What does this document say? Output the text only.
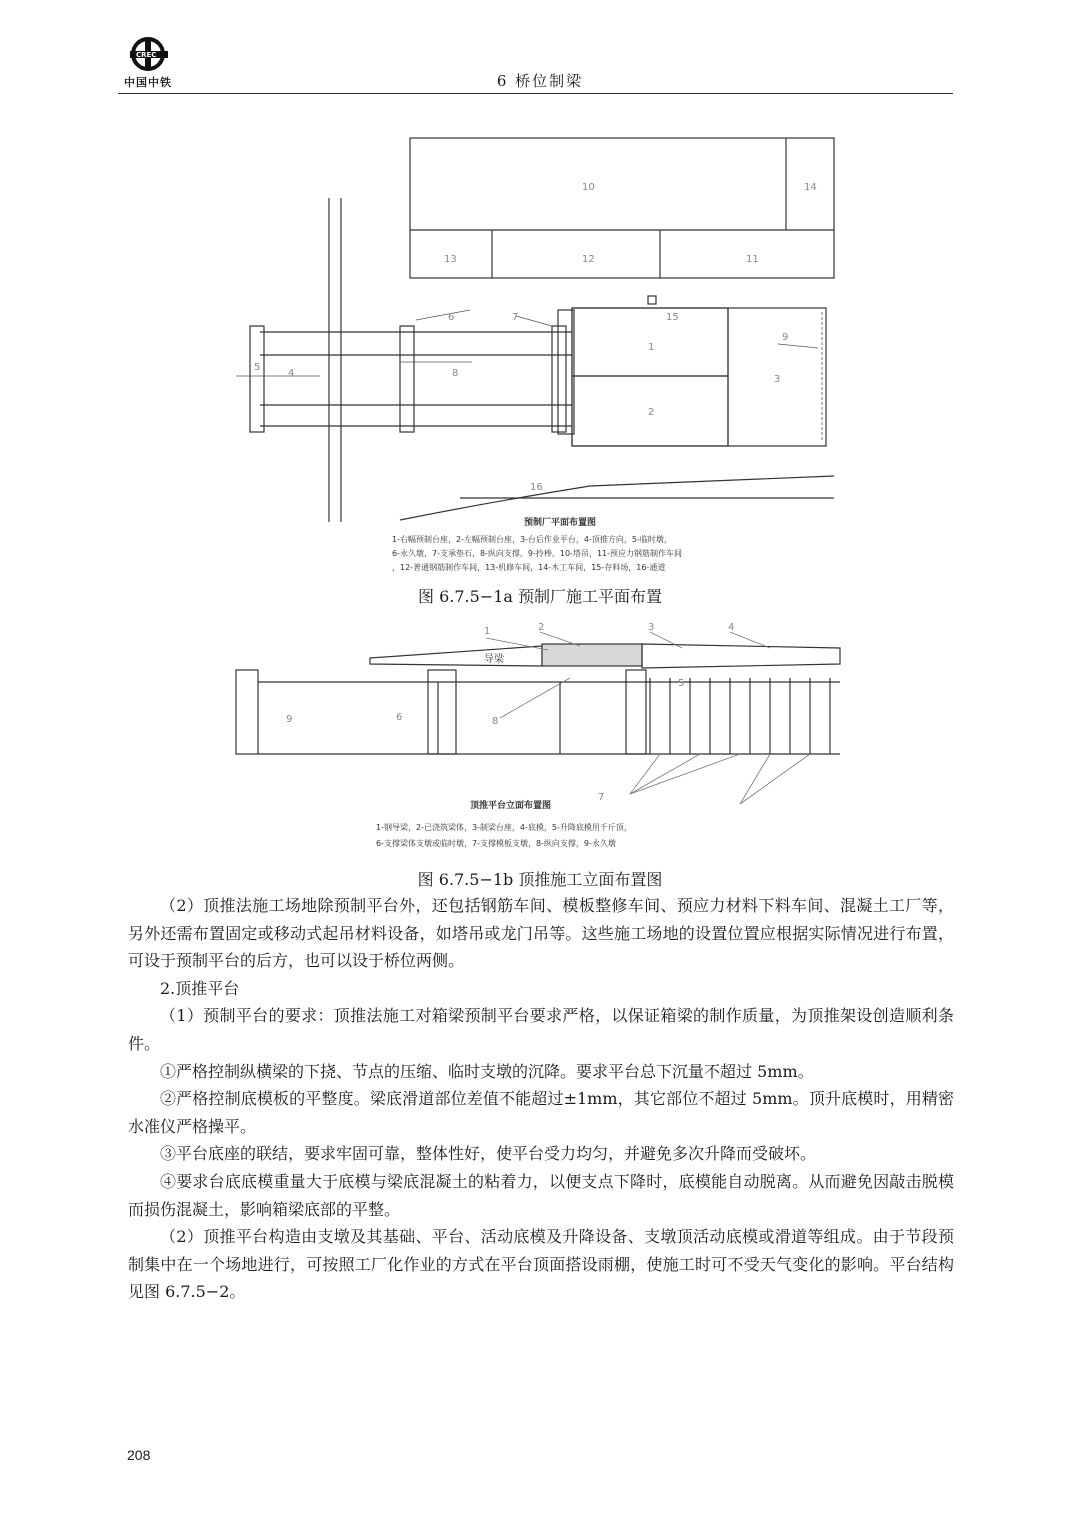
CREC
中国中铁	6 桥位制梁
10	14
13	12	11
1
2
3
4
5
6	7
8
9
15
16
预制厂平面布置图
1-右幅预制台座，2-左幅预制台座，3-台后作业平台，4-顶推方向，5-临时墩，
6-永久墩，7-支承垫石，8-纵向支撑，9-拎棒，10-塔吊，11-预应力钢筋制作车间
，12-普通钢筋制作车间，13-机修车间，14-木工车间，15-存料场，16-通道
图 6.7.5−1a 预制厂施工平面布置
1	2	3	4
5
6
7
8
9
导梁
顶推平台立面布置图
1-钢导梁，2-已浇筑梁体，3-制梁台座，4-底模，5-升降底模用千斤顶，
6-支撑梁体支墩或临时墩，7-支撑模板支墩，8-纵向支撑，9-永久墩
图 6.7.5−1b 顶推施工立面布置图

（2）顶推法施工场地除预制平台外，还包括钢筋车间、模板整修车间、预应力材料下料车间、混凝土工厂等，另外还需布置固定或移动式起吊材料设备，如塔吊或龙门吊等。这些施工场地的设置位置应根据实际情况进行布置，可设于预制平台的后方，也可以设于桥位两侧。

2.顶推平台

（1）预制平台的要求：顶推法施工对箱梁预制平台要求严格，以保证箱梁的制作质量，为顶推架设创造顺利条件。

①严格控制纵横梁的下挠、节点的压缩、临时支墩的沉降。要求平台总下沉量不超过 5mm。

②严格控制底模板的平整度。梁底滑道部位差值不能超过±1mm，其它部位不超过 5mm。顶升底模时，用精密水准仪严格操平。

③平台底座的联结，要求牢固可靠，整体性好，使平台受力均匀，并避免多次升降而受破坏。

④要求台底底模重量大于底模与梁底混凝土的粘着力，以便支点下降时，底模能自动脱离。从而避免因敲击脱模而损伤混凝土，影响箱梁底部的平整。

（2）顶推平台构造由支墩及其基础、平台、活动底模及升降设备、支墩顶活动底模或滑道等组成。由于节段预制集中在一个场地进行，可按照工厂化作业的方式在平台顶面搭设雨棚，使施工时可不受天气变化的影响。平台结构见图 6.7.5−2。

208
